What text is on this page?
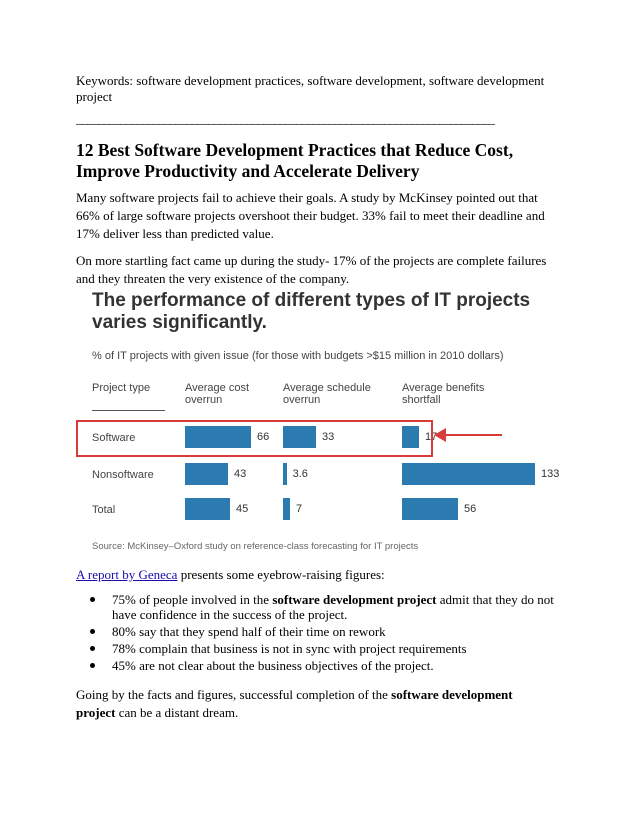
Keywords: software development practices, software development, software development project
____________________________________________________________________________
12 Best Software Development Practices that Reduce Cost, Improve Productivity and Accelerate Delivery

Many software projects fail to achieve their goals. A study by McKinsey pointed out that 66% of large software projects overshoot their budget. 33% fail to meet their deadline and 17% deliver less than predicted value.

On more startling fact came up during the study- 17% of the projects are complete failures and they threaten the very existence of the company.

The performance of different types of IT projects varies significantly.
% of IT projects with given issue (for those with budgets >$15 million in 2010 dollars)
Project type	Average cost overrun
Average schedule overrun
Average benefits shortfall
Software
Nonsoftware
Total
66
43
45
33
3.6
7
17
133
56
Source: McKinsey–Oxford study on reference-class forecasting for IT projects

A report by Geneca presents some eyebrow-raising figures:

75% of people involved in the software development project admit that they do not have confidence in the success of the project.
80% say that they spend half of their time on rework
78% complain that business is not in sync with project requirements
45% are not clear about the business objectives of the project.

Going by the facts and figures, successful completion of the software development project can be a distant dream.
